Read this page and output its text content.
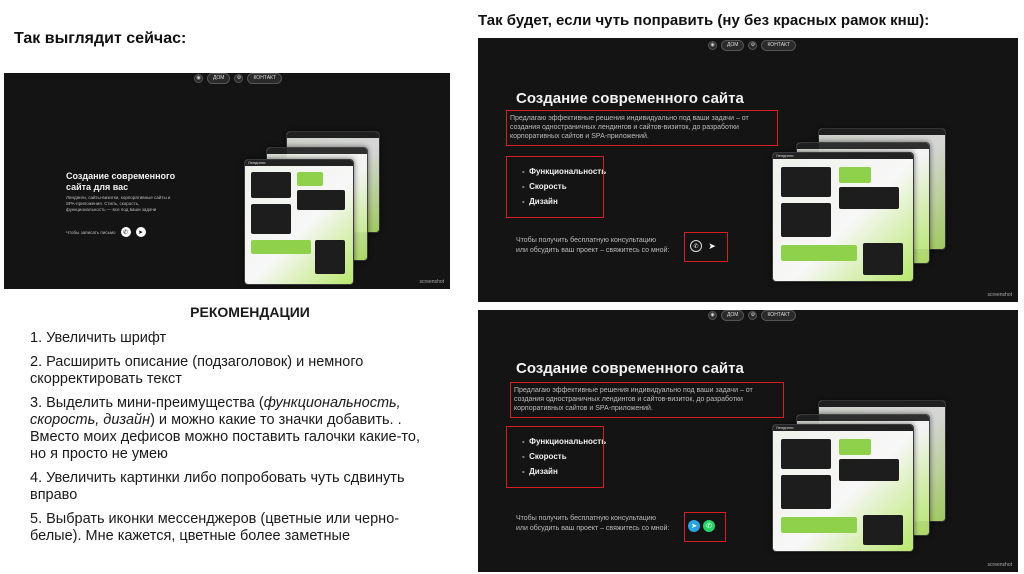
Так выглядит сейчас:
◉	ДОМ	⚙	КОНТАКТ
Создание современного сайта для вас
Лендинги, сайты-визитки, корпоративные сайты и SPA-приложения. Стиль, скорость, функциональность — все под ваши задачи
Чтобы записать письмо	✆	➤
Лендинги
screenshot
РЕКОМЕНДАЦИИ
1. Увеличить шрифт
2. Расширить описание (подзаголовок) и немного скорректировать текст
3. Выделить мини-преимущества (функциональность, скорость, дизайн) и можно какие то значки добавить. . Вместо моих дефисов можно поставить галочки какие-то, но я просто не умею
4. Увеличить картинки либо попробовать чуть сдвинуть вправо
5. Выбрать иконки мессенджеров (цветные или черно-белые). Мне кажется, цветные более заметные
Так будет, если чуть поправить (ну без красных рамок кнш):
◉	ДОМ	⚙	КОНТАКТ
Создание современного сайта
Предлагаю эффективные решения индивидуально под ваши задачи – от создания одностраничных лендингов и сайтов-визиток, до разработки корпоративных сайтов и SPA-приложений.
-  Функциональность
-  Скорость
-  Дизайн
Чтобы получить бесплатную консультацию
или обсудить ваш проект – свяжитесь со мной:
✆	➤
Лендинги
screenshot
◉	ДОМ	⚙	КОНТАКТ
Создание современного сайта
Предлагаю эффективные решения индивидуально под ваши задачи – от создания одностраничных лендингов и сайтов-визиток, до разработки корпоративных сайтов и SPA-приложений.
-  Функциональность
-  Скорость
-  Дизайн
Чтобы получить бесплатную консультацию
или обсудить ваш проект – свяжитесь со мной:	➤	✆
Лендинги
screenshot
